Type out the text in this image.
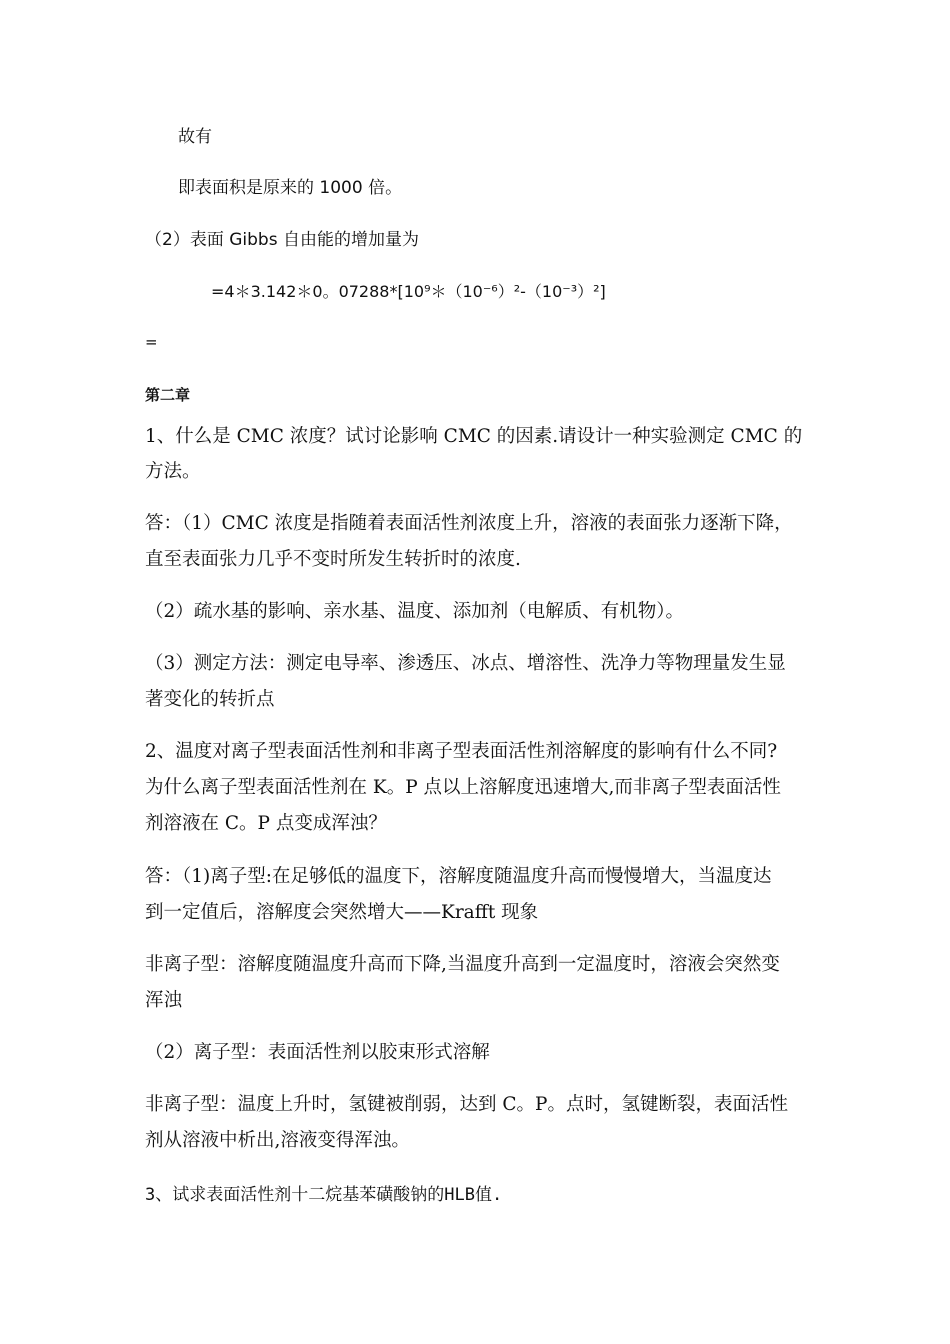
故有
即表面积是原来的 1000 倍。
（2）表面 Gibbs 自由能的增加量为
=4＊3.142＊0。07288*[10⁹＊（10⁻⁶）²-（10⁻³）²]
=
第二章
1、什么是 CMC 浓度？试讨论影响 CMC 的因素.请设计一种实验测定 CMC 的
方法。
答：（1）CMC 浓度是指随着表面活性剂浓度上升，溶液的表面张力逐渐下降，
直至表面张力几乎不变时所发生转折时的浓度.
（2）疏水基的影响、亲水基、温度、添加剂（电解质、有机物）。
（3）测定方法：测定电导率、渗透压、冰点、增溶性、洗净力等物理量发生显
著变化的转折点
2、温度对离子型表面活性剂和非离子型表面活性剂溶解度的影响有什么不同?
为什么离子型表面活性剂在 K。P 点以上溶解度迅速增大,而非离子型表面活性
剂溶液在 C。P 点变成浑浊？
答：（1)离子型:在足够低的温度下，溶解度随温度升高而慢慢增大，当温度达
到一定值后，溶解度会突然增大——Krafft 现象
非离子型：溶解度随温度升高而下降,当温度升高到一定温度时，溶液会突然变
浑浊
（2）离子型：表面活性剂以胶束形式溶解
非离子型：温度上升时，氢键被削弱，达到 C。P。点时，氢键断裂，表面活性
剂从溶液中析出,溶液变得浑浊。
3、试求表面活性剂十二烷基苯磺酸钠的HLB值.
